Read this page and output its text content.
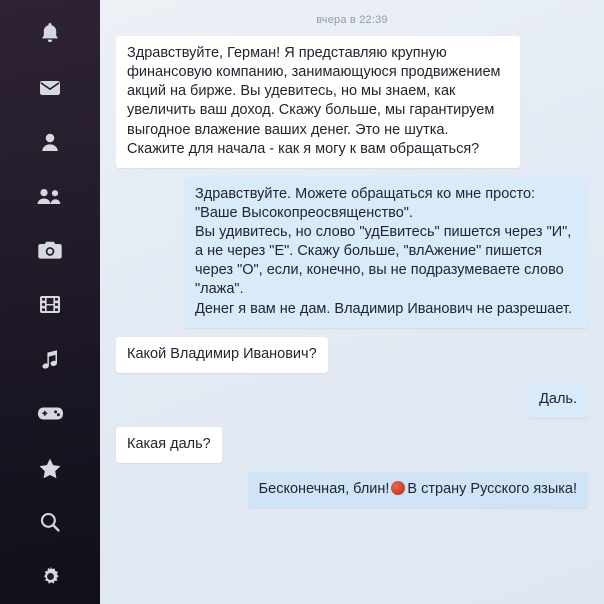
вчера в 22:39

Здравствуйте, Герман! Я представляю крупную финансовую компанию, занимающуюся продвижением акций на бирже. Вы удевитесь, но мы знаем, как увеличить ваш доход. Скажу больше, мы гарантируем выгодное влажение ваших денег. Это не шутка. Скажите для начала - как я могу к вам обращаться?

Здравствуйте. Можете обращаться ко мне просто: "Ваше Высокопреосвященство".

Вы удивитесь, но слово "удЕвитесь" пишется через "И", а не через "Е". Скажу больше, "влАжение" пишется через "О", если, конечно, вы не подразумеваете слово "лажа".

Денег я вам не дам. Владимир Иванович не разрешает.

Какой Владимир Иванович?

Даль.

Какая даль?

Бесконечная, блин! В страну Русского языка!
